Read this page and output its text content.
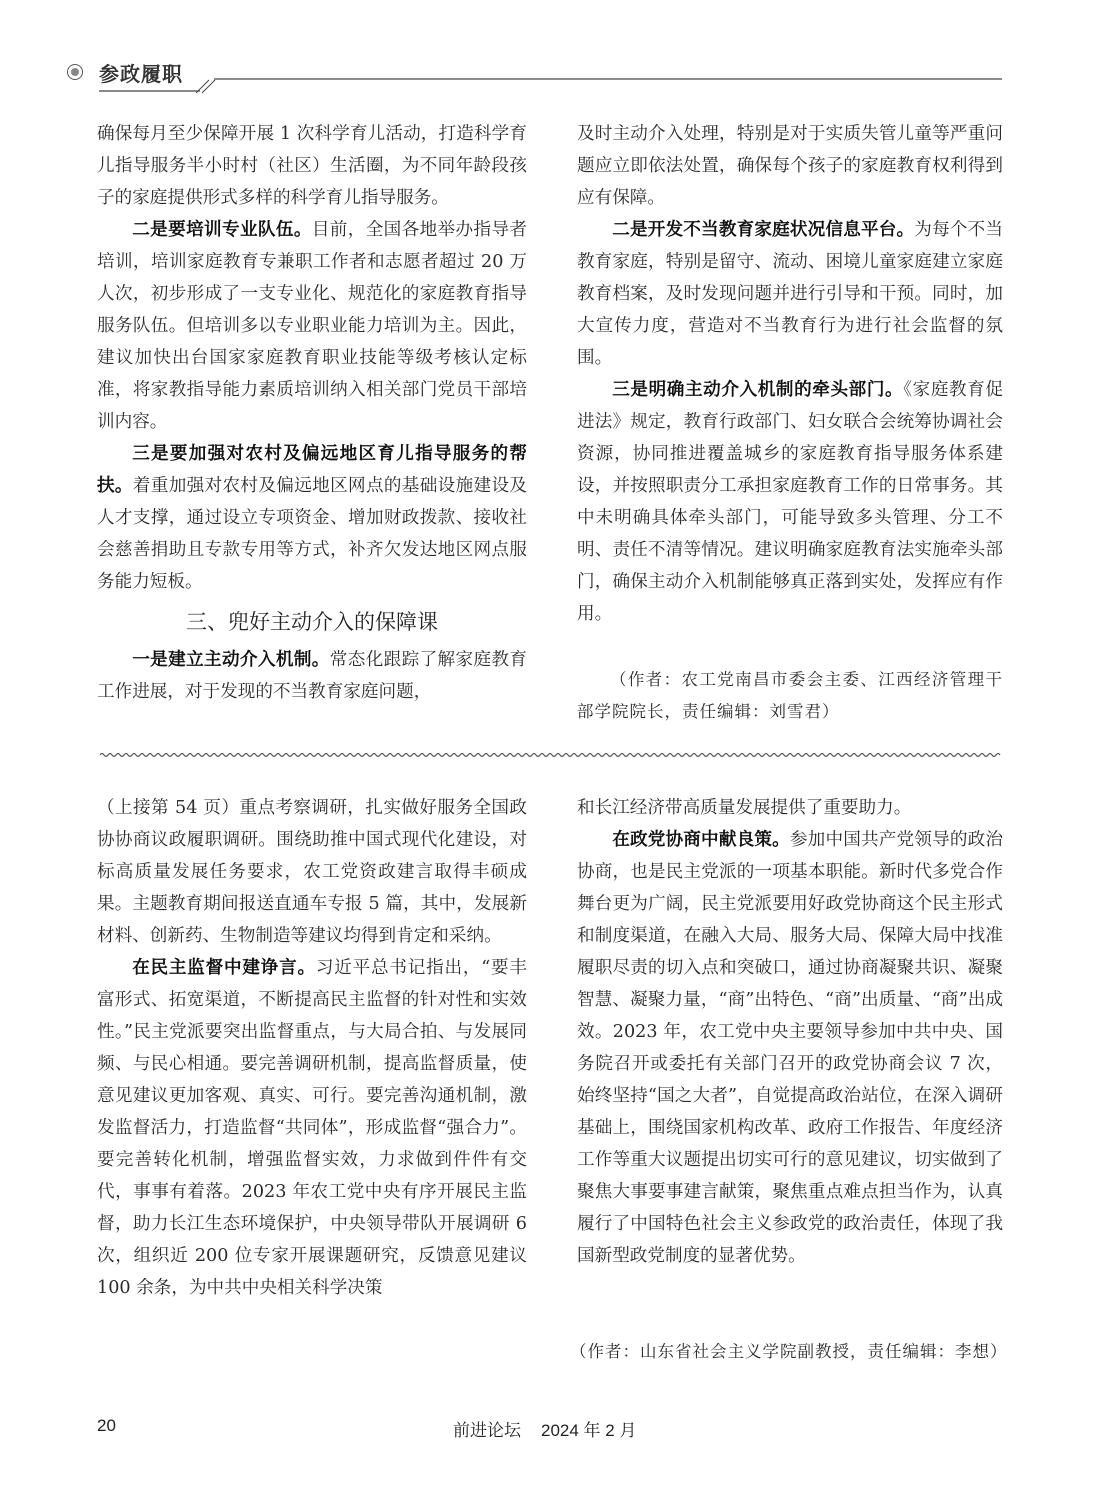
参政履职

确保每月至少保障开展 1 次科学育儿活动，打造科学育儿指导服务半小时村（社区）生活圈，为不同年龄段孩子的家庭提供形式多样的科学育儿指导服务。

二是要培训专业队伍。目前，全国各地举办指导者培训，培训家庭教育专兼职工作者和志愿者超过 20 万人次，初步形成了一支专业化、规范化的家庭教育指导服务队伍。但培训多以专业职业能力培训为主。因此，建议加快出台国家家庭教育职业技能等级考核认定标准，将家教指导能力素质培训纳入相关部门党员干部培训内容。

三是要加强对农村及偏远地区育儿指导服务的帮扶。着重加强对农村及偏远地区网点的基础设施建设及人才支撑，通过设立专项资金、增加财政拨款、接收社会慈善捐助且专款专用等方式，补齐欠发达地区网点服务能力短板。

三、兜好主动介入的保障课

一是建立主动介入机制。常态化跟踪了解家庭教育工作进展，对于发现的不当教育家庭问题，

及时主动介入处理，特别是对于实质失管儿童等严重问题应立即依法处置，确保每个孩子的家庭教育权利得到应有保障。

二是开发不当教育家庭状况信息平台。为每个不当教育家庭，特别是留守、流动、困境儿童家庭建立家庭教育档案，及时发现问题并进行引导和干预。同时，加大宣传力度，营造对不当教育行为进行社会监督的氛围。

三是明确主动介入机制的牵头部门。《家庭教育促进法》规定，教育行政部门、妇女联合会统筹协调社会资源，协同推进覆盖城乡的家庭教育指导服务体系建设，并按照职责分工承担家庭教育工作的日常事务。其中未明确具体牵头部门，可能导致多头管理、分工不明、责任不清等情况。建议明确家庭教育法实施牵头部门，确保主动介入机制能够真正落到实处，发挥应有作用。

（作者：农工党南昌市委会主委、江西经济管理干部学院院长，责任编辑：刘雪君）

（上接第 54 页）重点考察调研，扎实做好服务全国政协协商议政履职调研。围绕助推中国式现代化建设，对标高质量发展任务要求，农工党资政建言取得丰硕成果。主题教育期间报送直通车专报 5 篇，其中，发展新材料、创新药、生物制造等建议均得到肯定和采纳。

在民主监督中建诤言。习近平总书记指出，“要丰富形式、拓宽渠道，不断提高民主监督的针对性和实效性。”民主党派要突出监督重点，与大局合拍、与发展同频、与民心相通。要完善调研机制，提高监督质量，使意见建议更加客观、真实、可行。要完善沟通机制，激发监督活力，打造监督“共同体”，形成监督“强合力”。要完善转化机制，增强监督实效，力求做到件件有交代，事事有着落。2023 年农工党中央有序开展民主监督，助力长江生态环境保护，中央领导带队开展调研 6 次，组织近 200 位专家开展课题研究，反馈意见建议 100 余条，为中共中央相关科学决策

和长江经济带高质量发展提供了重要助力。

在政党协商中献良策。参加中国共产党领导的政治协商，也是民主党派的一项基本职能。新时代多党合作舞台更为广阔，民主党派要用好政党协商这个民主形式和制度渠道，在融入大局、服务大局、保障大局中找准履职尽责的切入点和突破口，通过协商凝聚共识、凝聚智慧、凝聚力量，“商”出特色、“商”出质量、“商”出成效。2023 年，农工党中央主要领导参加中共中央、国务院召开或委托有关部门召开的政党协商会议 7 次，始终坚持“国之大者”，自觉提高政治站位，在深入调研基础上，围绕国家机构改革、政府工作报告、年度经济工作等重大议题提出切实可行的意见建议，切实做到了聚焦大事要事建言献策，聚焦重点难点担当作为，认真履行了中国特色社会主义参政党的政治责任，体现了我国新型政党制度的显著优势。

（作者：山东省社会主义学院副教授，责任编辑：李想）

20	前进论坛 2024 年 2 月
